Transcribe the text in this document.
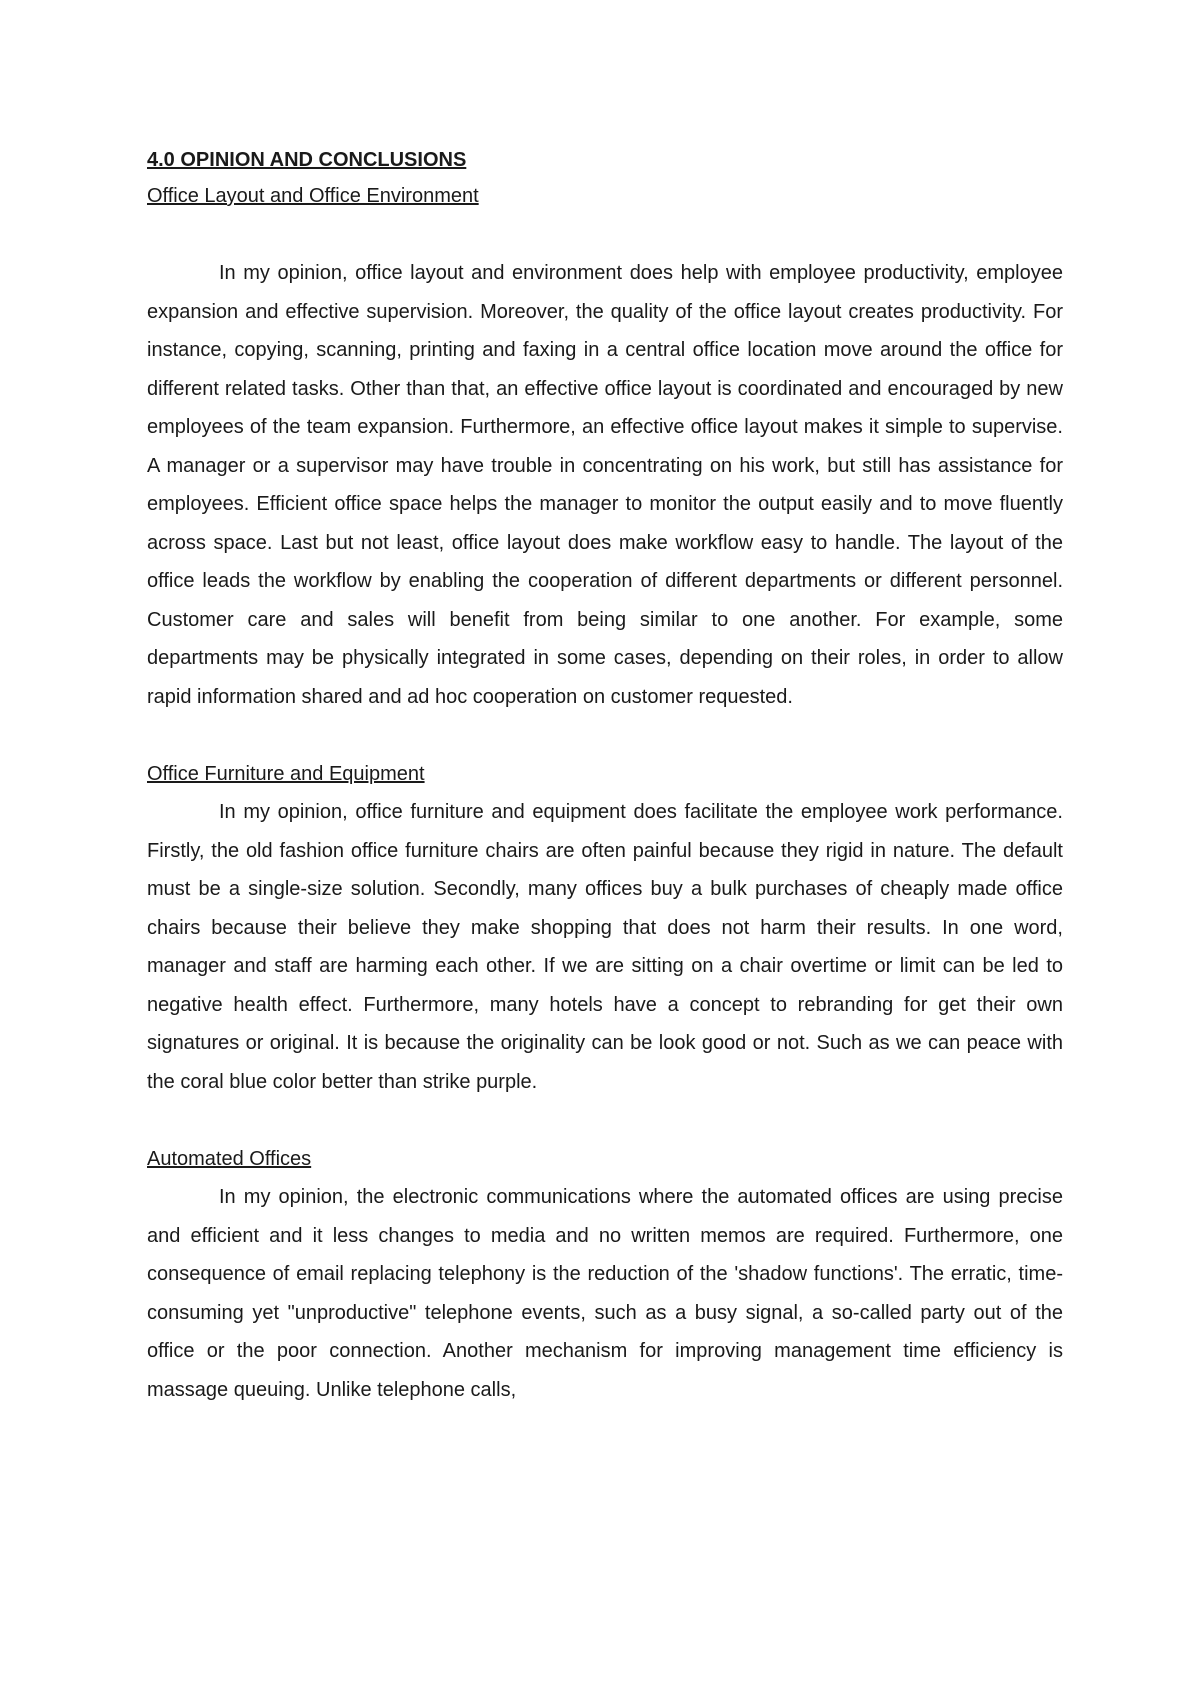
4.0 OPINION AND CONCLUSIONS

Office Layout and Office Environment

In my opinion, office layout and environment does help with employee productivity, employee expansion and effective supervision. Moreover, the quality of the office layout creates productivity. For instance, copying, scanning, printing and faxing in a central office location move around the office for different related tasks. Other than that, an effective office layout is coordinated and encouraged by new employees of the team expansion. Furthermore, an effective office layout makes it simple to supervise. A manager or a supervisor may have trouble in concentrating on his work, but still has assistance for employees. Efficient office space helps the manager to monitor the output easily and to move fluently across space. Last but not least, office layout does make workflow easy to handle. The layout of the office leads the workflow by enabling the cooperation of different departments or different personnel. Customer care and sales will benefit from being similar to one another. For example, some departments may be physically integrated in some cases, depending on their roles, in order to allow rapid information shared and ad hoc cooperation on customer requested.

Office Furniture and Equipment

In my opinion, office furniture and equipment does facilitate the employee work performance. Firstly, the old fashion office furniture chairs are often painful because they rigid in nature. The default must be a single-size solution. Secondly, many offices buy a bulk purchases of cheaply made office chairs because their believe they make shopping that does not harm their results. In one word, manager and staff are harming each other. If we are sitting on a chair overtime or limit can be led to negative health effect. Furthermore, many hotels have a concept to rebranding for get their own signatures or original. It is because the originality can be look good or not. Such as we can peace with the coral blue color better than strike purple.

Automated Offices

In my opinion, the electronic communications where the automated offices are using precise and efficient and it less changes to media and no written memos are required. Furthermore, one consequence of email replacing telephony is the reduction of the 'shadow functions'. The erratic, time-consuming yet "unproductive" telephone events, such as a busy signal, a so-called party out of the office or the poor connection. Another mechanism for improving management time efficiency is massage queuing. Unlike telephone calls,
